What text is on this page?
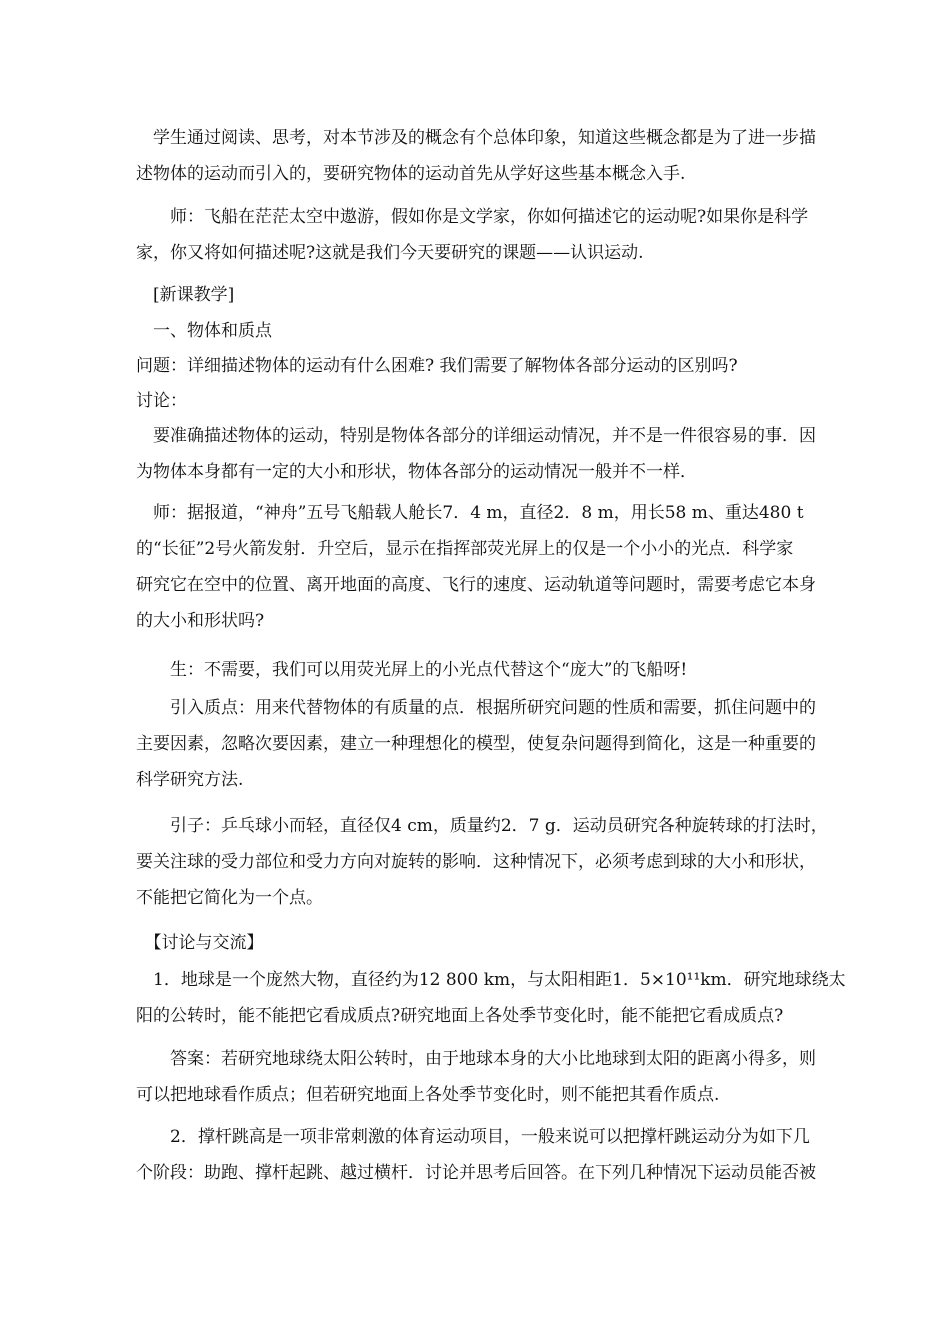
　学生通过阅读、思考，对本节涉及的概念有个总体印象，知道这些概念都是为了进一步描
述物体的运动而引入的，要研究物体的运动首先从学好这些基本概念入手.

　　师：飞船在茫茫太空中遨游，假如你是文学家，你如何描述它的运动呢?如果你是科学
家，你又将如何描述呢?这就是我们今天要研究的课题——认识运动.

　[新课教学]

　一、物体和质点

问题：详细描述物体的运动有什么困难? 我们需要了解物体各部分运动的区别吗?

讨论：

　要准确描述物体的运动，特别是物体各部分的详细运动情况，并不是一件很容易的事．因
为物体本身都有一定的大小和形状，物体各部分的运动情况一般并不一样．

　师：据报道，“神舟”五号飞船载人舱长7．4 m，直径2．8 m，用长58 m、重达480 t
的“长征”2号火箭发射．升空后，显示在指挥部荧光屏上的仅是一个小小的光点．科学家
研究它在空中的位置、离开地面的高度、飞行的速度、运动轨道等问题时，需要考虑它本身
的大小和形状吗?

　　生：不需要，我们可以用荧光屏上的小光点代替这个“庞大”的飞船呀!

　　引入质点：用来代替物体的有质量的点．根据所研究问题的性质和需要，抓住问题中的
主要因素，忽略次要因素，建立一种理想化的模型，使复杂问题得到简化，这是一种重要的
科学研究方法.

　　引子：乒乓球小而轻，直径仅4 cm，质量约2．7 g．运动员研究各种旋转球的打法时，
要关注球的受力部位和受力方向对旋转的影响．这种情况下，必须考虑到球的大小和形状，
不能把它简化为一个点。

　【讨论与交流】

　1．地球是一个庞然大物，直径约为12 800 km，与太阳相距1．5×10¹¹km．研究地球绕太
阳的公转时，能不能把它看成质点?研究地面上各处季节变化时，能不能把它看成质点?

　　答案：若研究地球绕太阳公转时，由于地球本身的大小比地球到太阳的距离小得多，则
可以把地球看作质点；但若研究地面上各处季节变化时，则不能把其看作质点.

　　2．撑杆跳高是一项非常刺激的体育运动项目，一般来说可以把撑杆跳运动分为如下几
个阶段：助跑、撑杆起跳、越过横杆．讨论并思考后回答。在下列几种情况下运动员能否被
